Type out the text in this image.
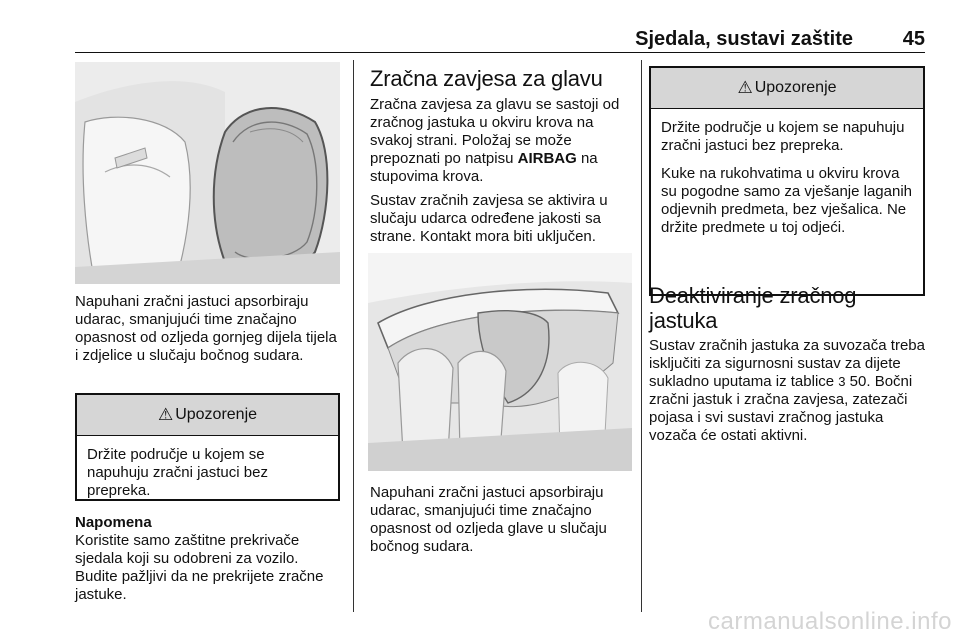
Sjedala, sustavi zaštite 45

Napuhani zračni jastuci apsorbiraju udarac, smanjujući time značajno opasnost od ozljeda gornjeg dijela tijela i zdjelice u slučaju bočnog sudara.

⚠ Upozorenje

Držite područje u kojem se napuhuju zračni jastuci bez prepreka.

Napomena

Koristite samo zaštitne prekrivače sjedala koji su odobreni za vozilo. Budite pažljivi da ne prekrijete zračne jastuke.

Zračna zavjesa za glavu

Zračna zavjesa za glavu se sastoji od zračnog jastuka u okviru krova na svakoj strani. Položaj se može prepoznati po natpisu AIRBAG na stupovima krova.

Sustav zračnih zavjesa se aktivira u slučaju udarca određene jakosti sa strane. Kontakt mora biti uključen.

Napuhani zračni jastuci apsorbiraju udarac, smanjujući time značajno opasnost od ozljeda glave u slučaju bočnog sudara.

⚠ Upozorenje

Držite područje u kojem se napuhuju zračni jastuci bez prepreka.

Kuke na rukohvatima u okviru krova su pogodne samo za vješanje laganih odjevnih predmeta, bez vješalica. Ne držite predmete u toj odjeći.

Deaktiviranje zračnog jastuka

Sustav zračnih jastuka za suvozača treba isključiti za sigurnosni sustav za dijete sukladno uputama iz tablice 3 50. Bočni zračni jastuk i zračna zavjesa, zatezači pojasa i svi sustavi zračnog jastuka vozača će ostati aktivni.

carmanualsonline.info
